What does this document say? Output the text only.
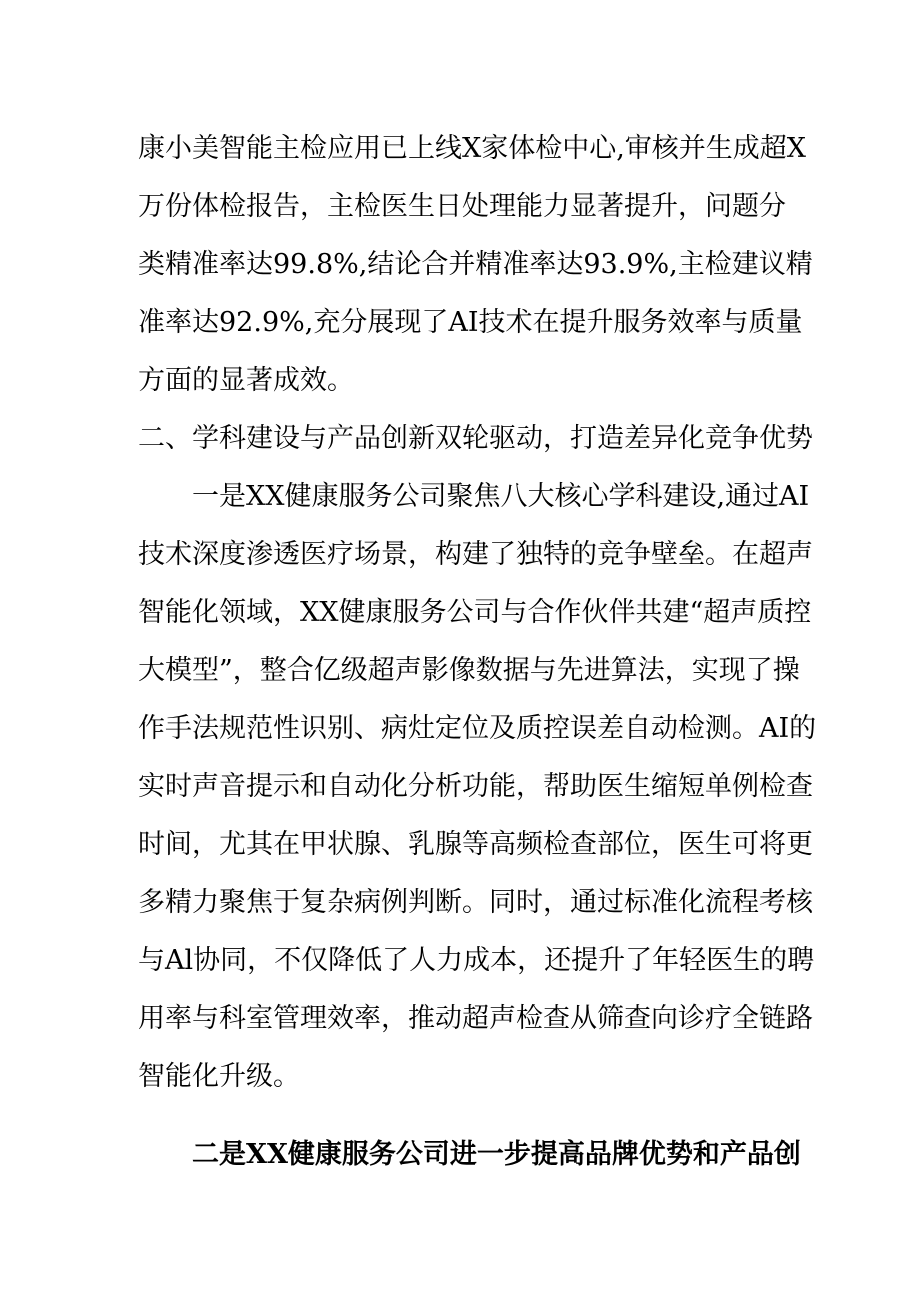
康小美智能主检应用已上线X家体检中心,审核并生成超X
万份体检报告，主检医生日处理能力显著提升，问题分
类精准率达99.8%,结论合并精准率达93.9%,主检建议精
准率达92.9%,充分展现了AI技术在提升服务效率与质量
方面的显著成效。
二、学科建设与产品创新双轮驱动，打造差异化竞争优势
一是XX健康服务公司聚焦八大核心学科建设,通过AI
技术深度渗透医疗场景，构建了独特的竞争壁垒。在超声
智能化领域，XX健康服务公司与合作伙伴共建“超声质控
大模型”，整合亿级超声影像数据与先进算法，实现了操
作手法规范性识别、病灶定位及质控误差自动检测。AI的
实时声音提示和自动化分析功能，帮助医生缩短单例检查
时间，尤其在甲状腺、乳腺等高频检查部位，医生可将更
多精力聚焦于复杂病例判断。同时，通过标准化流程考核
与Al协同，不仅降低了人力成本，还提升了年轻医生的聘
用率与科室管理效率，推动超声检查从筛查向诊疗全链路
智能化升级。
二是XX健康服务公司进一步提高品牌优势和产品创
